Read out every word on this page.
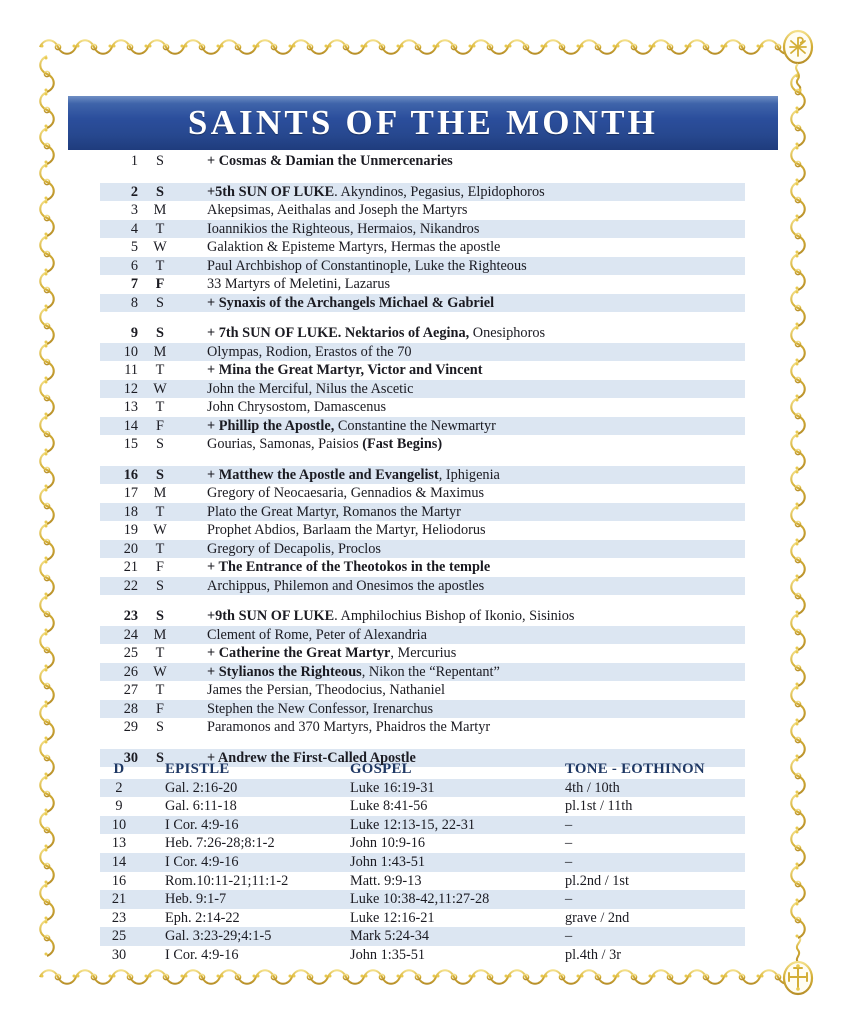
SAINTS OF THE MONTH
1	S	+ Cosmas & Damian the Unmercenaries
2	S	+5th SUN OF LUKE. Akyndinos, Pegasius, Elpidophoros
3	M	Akepsimas, Aeithalas and Joseph the Martyrs
4	T	Ioannikios the Righteous, Hermaios, Nikandros
5	W	Galaktion & Episteme Martyrs, Hermas the apostle
6	T	Paul Archbishop of Constantinople, Luke the Righteous
7	F	33 Martyrs of Meletini, Lazarus
8	S	+ Synaxis of the Archangels Michael & Gabriel
9	S	+ 7th SUN OF LUKE. Nektarios of Aegina, Onesiphoros
10	M	Olympas, Rodion, Erastos of the 70
11	T	+ Mina the Great Martyr, Victor and Vincent
12	W	John the Merciful, Nilus the Ascetic
13	T	John Chrysostom, Damascenus
14	F	+ Phillip the Apostle, Constantine the Newmartyr
15	S	Gourias, Samonas, Paisios (Fast Begins)
16	S	+ Matthew the Apostle and Evangelist, Iphigenia
17	M	Gregory of Neocaesaria, Gennadios & Maximus
18	T	Plato the Great Martyr, Romanos the Martyr
19	W	Prophet Abdios, Barlaam the Martyr, Heliodorus
20	T	Gregory of Decapolis, Proclos
21	F	+ The Entrance of the Theotokos in the temple
22	S	Archippus, Philemon and Onesimos the apostles
23	S	+9th SUN OF LUKE. Amphilochius Bishop of Ikonio, Sisinios
24	M	Clement of Rome, Peter of Alexandria
25	T	+ Catherine the Great Martyr, Mercurius
26	W	+ Stylianos the Righteous, Nikon the “Repentant”
27	T	James the Persian, Theodocius, Nathaniel
28	F	Stephen the New Confessor, Irenarchus
29	S	Paramonos and 370 Martyrs, Phaidros the Martyr
30	S	+ Andrew the First-Called Apostle
D	EPISTLE	GOSPEL	TONE - EOTHINON
2	Gal. 2:16-20	Luke 16:19-31	4th / 10th
9	Gal. 6:11-18	Luke 8:41-56	pl.1st / 11th
10	I Cor. 4:9-16	Luke 12:13-15, 22-31	–
13	Heb. 7:26-28;8:1-2	John 10:9-16	–
14	I Cor. 4:9-16	John 1:43-51	–
16	Rom.10:11-21;11:1-2	Matt. 9:9-13	pl.2nd / 1st
21	Heb. 9:1-7	Luke 10:38-42,11:27-28	–
23	Eph. 2:14-22	Luke 12:16-21	grave / 2nd
25	Gal. 3:23-29;4:1-5	Mark 5:24-34	–
30	I Cor. 4:9-16	John 1:35-51	pl.4th / 3r
